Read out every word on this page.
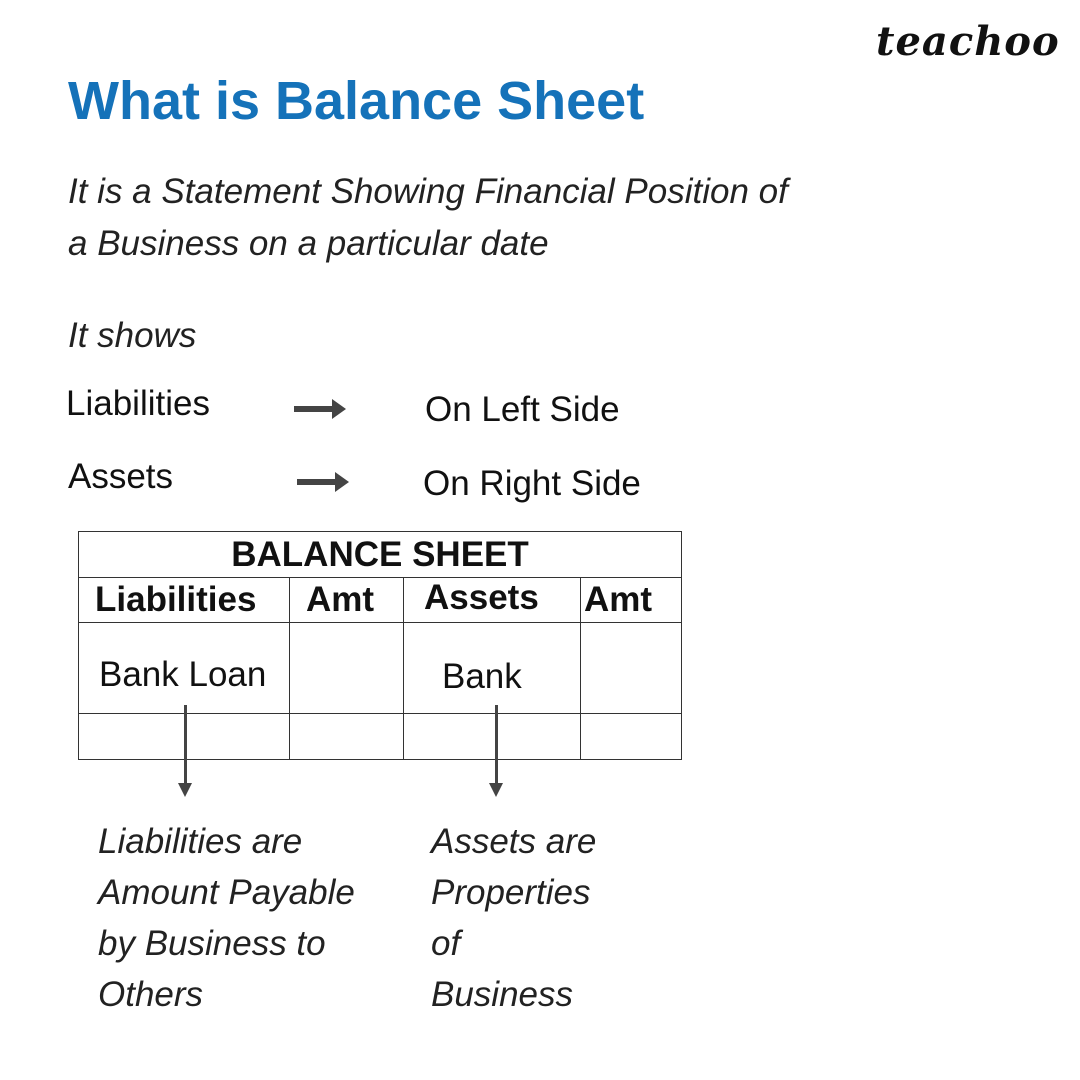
teachoo
What is Balance Sheet
It is a Statement Showing Financial Position of
a Business on a particular date
It shows
Liabilities	On Left Side
Assets	On Right Side
BALANCE SHEET			
Liabilities	Amt	Assets	Amt

Bank Loan		Bank	

Liabilities are
Amount Payable
by Business to
Others
Assets are
Properties
of
Business
